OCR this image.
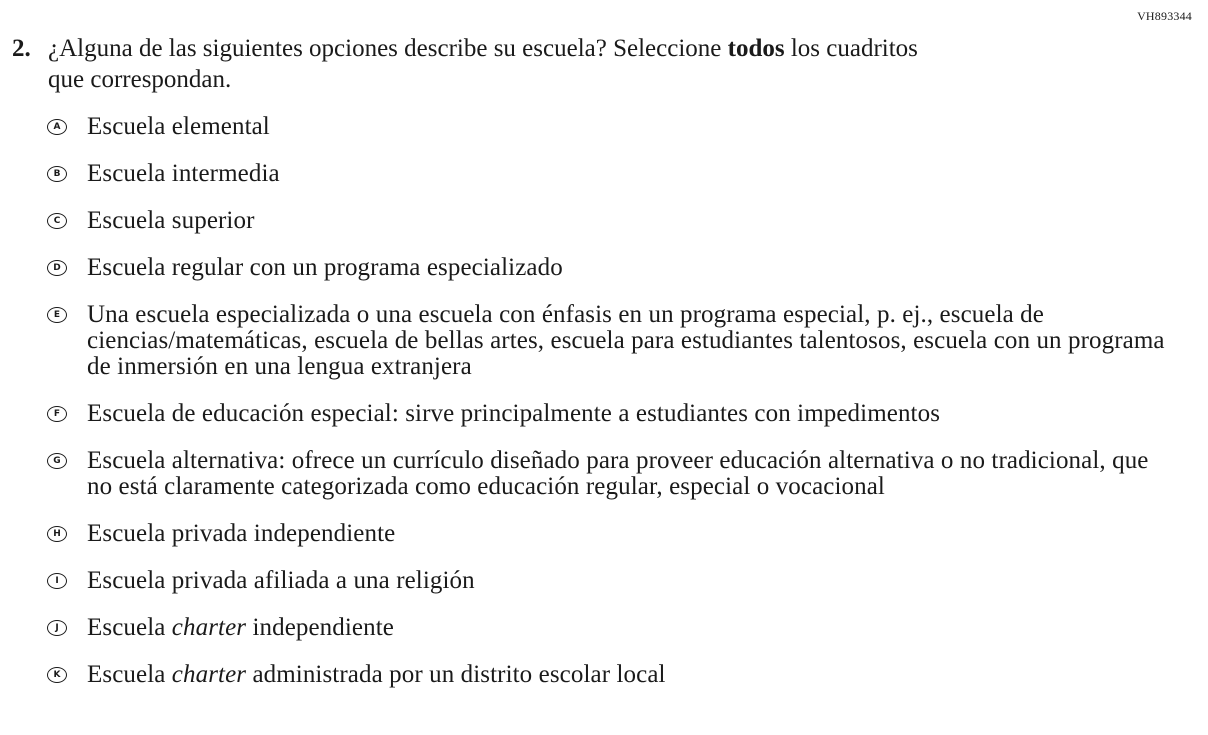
VH893344
2. ¿Alguna de las siguientes opciones describe su escuela? Seleccione todos los cuadritos que correspondan.
A Escuela elemental
B Escuela intermedia
C Escuela superior
D Escuela regular con un programa especializado
E Una escuela especializada o una escuela con énfasis en un programa especial, p. ej., escuela de ciencias/matemáticas, escuela de bellas artes, escuela para estudiantes talentosos, escuela con un programa de inmersión en una lengua extranjera
F Escuela de educación especial: sirve principalmente a estudiantes con impedimentos
G Escuela alternativa: ofrece un currículo diseñado para proveer educación alternativa o no tradicional, que no está claramente categorizada como educación regular, especial o vocacional
H Escuela privada independiente
I	Escuela privada afiliada a una religión
J	Escuela charter independiente
K Escuela charter administrada por un distrito escolar local
